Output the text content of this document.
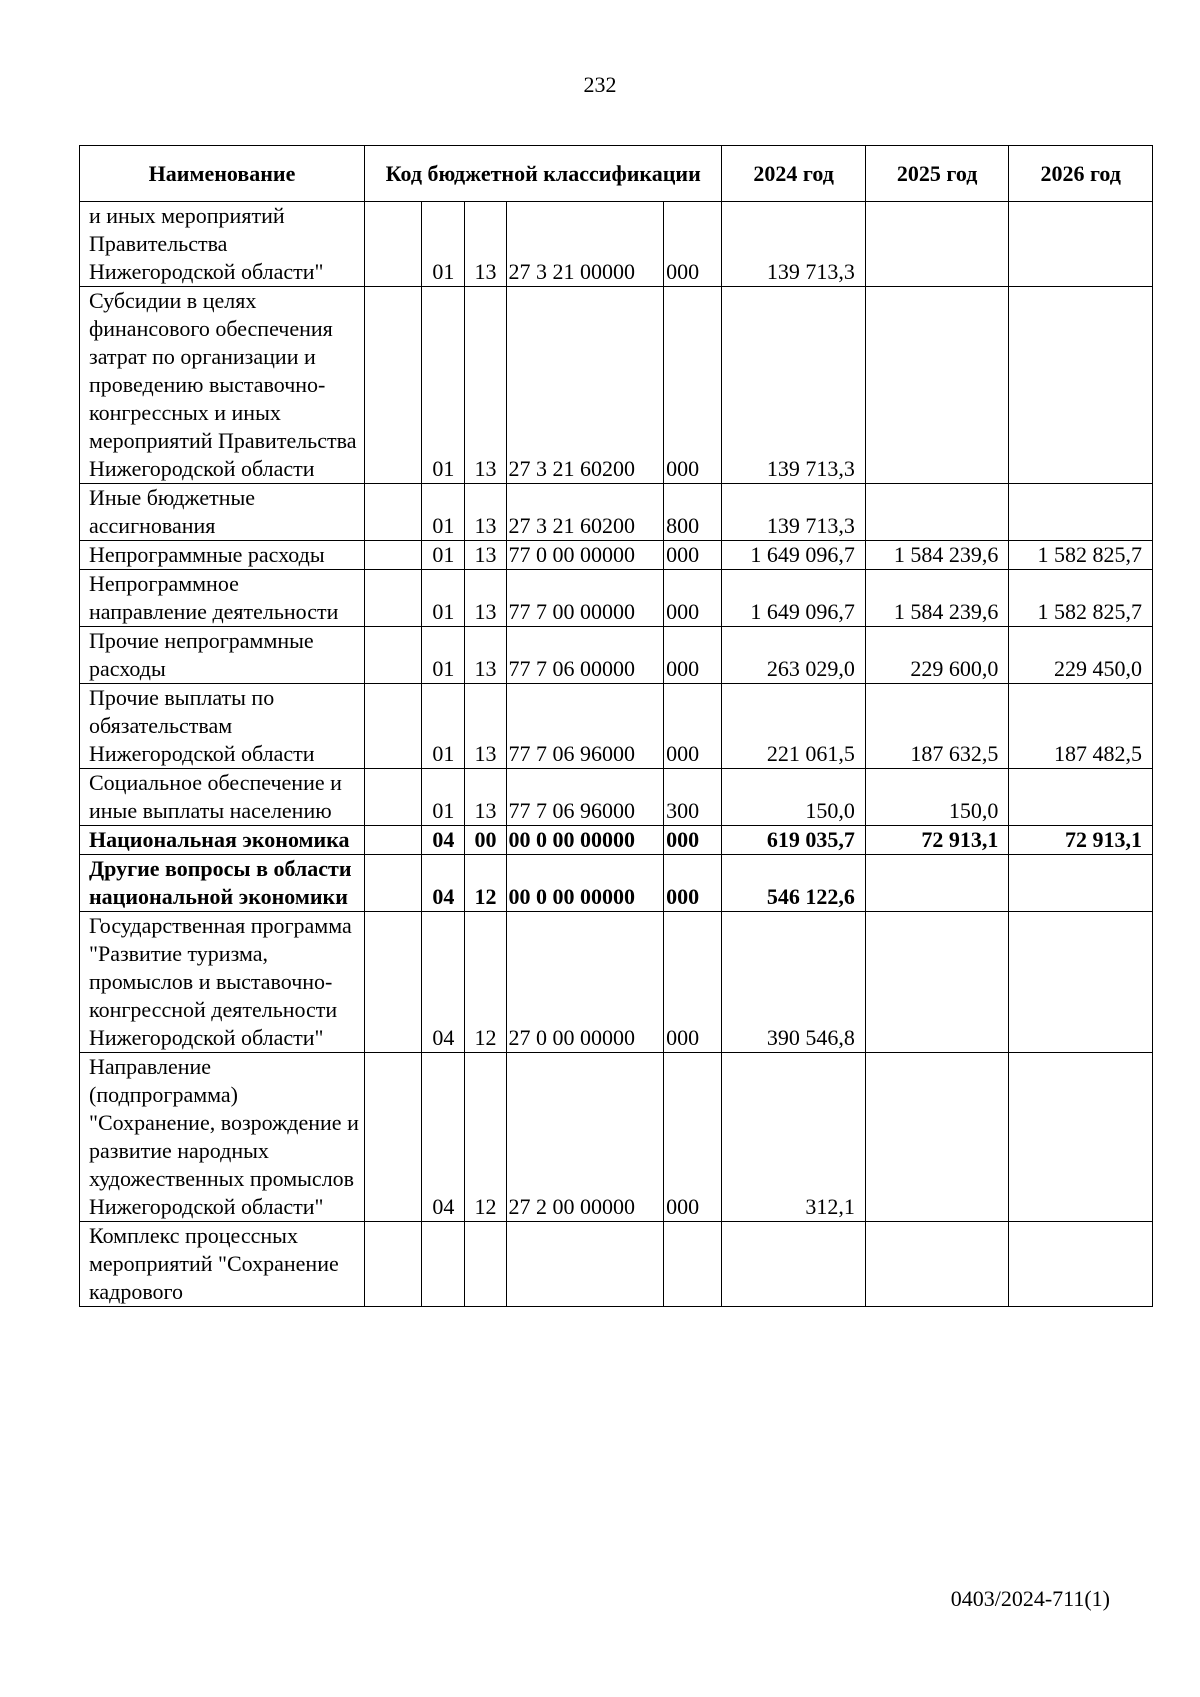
232
Наименование	Код бюджетной классификации					2024 год	2025 год	2026 год
и иных мероприятий Правительства Нижегородской области"		01	13	27 3 21 00000	000	139 713,3		
Субсидии в целях финансового обеспечения затрат по организации и проведению выставочно-конгрессных и иных мероприятий Правительства Нижегородской области		01	13	27 3 21 60200	000	139 713,3		
Иные бюджетные ассигнования		01	13	27 3 21 60200	800	139 713,3		
Непрограммные расходы		01	13	77 0 00 00000	000	1 649 096,7	1 584 239,6	1 582 825,7
Непрограммное направление деятельности		01	13	77 7 00 00000	000	1 649 096,7	1 584 239,6	1 582 825,7
Прочие непрограммные расходы		01	13	77 7 06 00000	000	263 029,0	229 600,0	229 450,0
Прочие выплаты по обязательствам Нижегородской области		01	13	77 7 06 96000	000	221 061,5	187 632,5	187 482,5
Социальное обеспечение и иные выплаты населению		01	13	77 7 06 96000	300	150,0	150,0	
Национальная экономика		04	00	00 0 00 00000	000	619 035,7	72 913,1	72 913,1
Другие вопросы в области национальной экономики		04	12	00 0 00 00000	000	546 122,6		
Государственная программа "Развитие туризма, промыслов и выставочно-конгрессной деятельности Нижегородской области"		04	12	27 0 00 00000	000	390 546,8		
Направление (подпрограмма) "Сохранение, возрождение и развитие народных художественных промыслов Нижегородской области"		04	12	27 2 00 00000	000	312,1		
Комплекс процессных мероприятий "Сохранение кадрового								
0403/2024-711(1)
